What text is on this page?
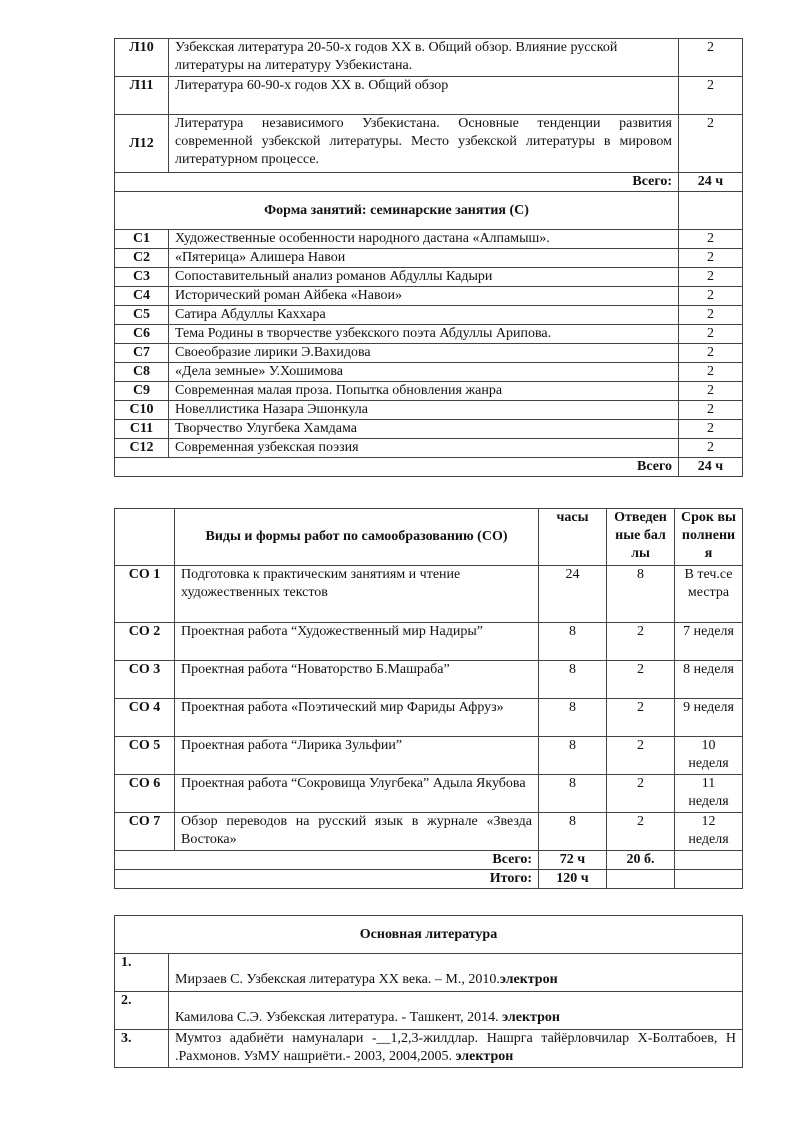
Л10	Узбекская литература 20-50-х годов XX в. Общий обзор. Влияние русской литературы на литературу Узбекистана.	2
Л11	Литература 60-90-х годов XX в. Общий обзор	2
Л12	Литература независимого Узбекистана. Основные тенденции развития современной узбекской литературы. Место узбекской литературы в мировом литературном процессе.	2
Всего:		24 ч
Форма занятий: семинарские занятия (С)		
С1	Художественные особенности народного дастана «Алпамыш».	2
С2	«Пятерица» Алишера Навои	2
С3	Сопоставительный анализ романов Абдуллы Кадыри	2
С4	Исторический роман Айбека «Навои»	2
С5	Сатира Абдуллы Каххара	2
С6	Тема Родины в творчестве узбекского поэта Абдуллы Арипова.	2
С7	Своеобразие лирики Э.Вахидова	2
С8	«Дела земные» У.Хошимова	2
С9	Современная малая проза. Попытка обновления жанра	2
С10	Новеллистика Назара Эшонкула	2
С11	Творчество Улугбека Хамдама	2
С12	Современная узбекская поэзия	2
Всего		24 ч
	Виды и формы работ по самообразованию (СО)	часы	Отведенные баллы	Срок выполнения
СО 1	Подготовка к практическим занятиям и чтение художественных текстов	24	8	В теч.семестра
СО 2	Проектная работа “Художественный мир Надиры”	8	2	7 неделя
СО 3	Проектная работа “Новаторство Б.Машраба”	8	2	8 неделя
СО 4	Проектная работа «Поэтический мир Фариды Афруз»	8	2	9 неделя
СО 5	Проектная работа “Лирика Зульфии”	8	2	10 неделя
СО 6	Проектная работа “Сокровища Улугбека” Адыла Якубова	8	2	11 неделя
СО 7	Обзор переводов на русский язык в журнале «Звезда Востока»	8	2	12 неделя
Всего:		72 ч	20 б.	
Итого:		120 ч		
Основная литература	
1.	Мирзаев С. Узбекская литература XX века. – М., 2010.электрон
2.	Камилова С.Э. Узбекская литература. - Ташкент, 2014. электрон
3.	Мумтоз адабиёти намуналари -__1,2,3-жилдлар. Нашрга тайёрловчилар Х-Болтабоев, Н .Рахмонов. УзМУ нашриёти.- 2003, 2004,2005. электрон
